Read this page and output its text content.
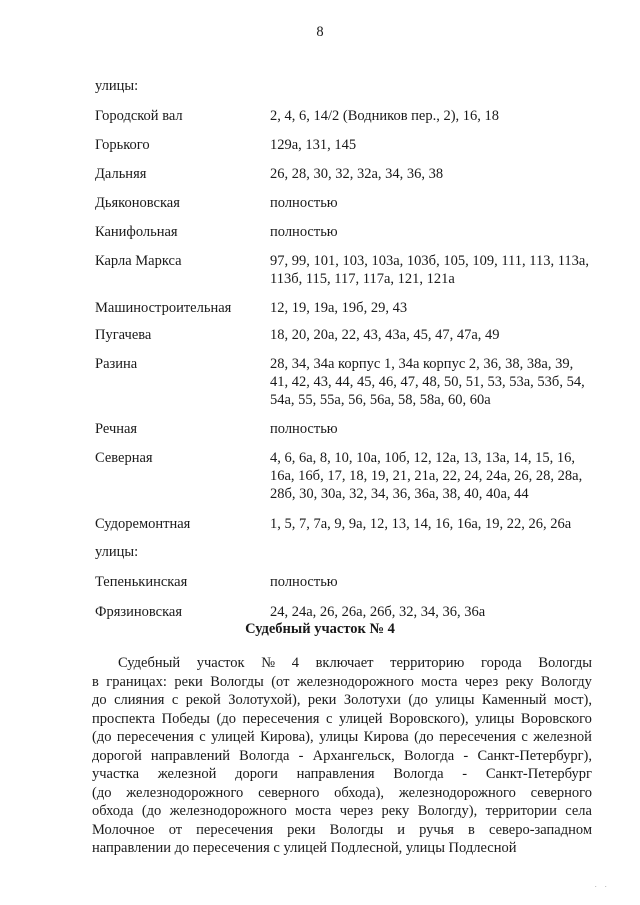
8
улицы:
Городской вал	2, 4, 6, 14/2 (Водников пер., 2), 16, 18
Горького	129а, 131, 145
Дальняя	26, 28, 30, 32, 32а, 34, 36, 38
Дьяконовская	полностью
Канифольная	полностью
Карла Маркса	97, 99, 101, 103, 103а, 103б, 105, 109, 111, 113, 113а,
113б, 115, 117, 117а, 121, 121а
Машиностроительная	12, 19, 19а, 19б, 29, 43
Пугачева	18, 20, 20а, 22, 43, 43а, 45, 47, 47а, 49
Разина	28, 34, 34а корпус 1, 34а корпус 2, 36, 38, 38а, 39,
41, 42, 43, 44, 45, 46, 47, 48, 50, 51, 53, 53а, 53б, 54,
54а, 55, 55а, 56, 56а, 58, 58а, 60, 60а
Речная	полностью
Северная	4, 6, 6а, 8, 10, 10а, 10б, 12, 12а, 13, 13а, 14, 15, 16,
16а, 16б, 17, 18, 19, 21, 21а, 22, 24, 24а, 26, 28, 28а,
28б, 30, 30а, 32, 34, 36, 36а, 38, 40, 40а, 44
Судоремонтная	1, 5, 7, 7а, 9, 9а, 12, 13, 14, 16, 16а, 19, 22, 26, 26а
улицы:
Тепенькинская	полностью
Фрязиновская	24, 24а, 26, 26а, 26б, 32, 34, 36, 36а
Судебный участок № 4
Судебный участок № 4 включает территорию города Вологды
в границах: реки Вологды (от железнодорожного моста через реку Вологду
до слияния с рекой Золотухой), реки Золотухи (до улицы Каменный мост),
проспекта Победы (до пересечения с улицей Воровского), улицы Воровского
(до пересечения с улицей Кирова), улицы Кирова (до пересечения с железной
дорогой направлений Вологда - Архангельск, Вологда - Санкт-Петербург),
участка железной дороги направления Вологда - Санкт-Петербург
(до железнодорожного северного обхода), железнодорожного северного
обхода (до железнодорожного моста через реку Вологду), территории села
Молочное от пересечения реки Вологды и ручья в северо-западном
направлении до пересечения с улицей Подлесной, улицы Подлесной
· ·
